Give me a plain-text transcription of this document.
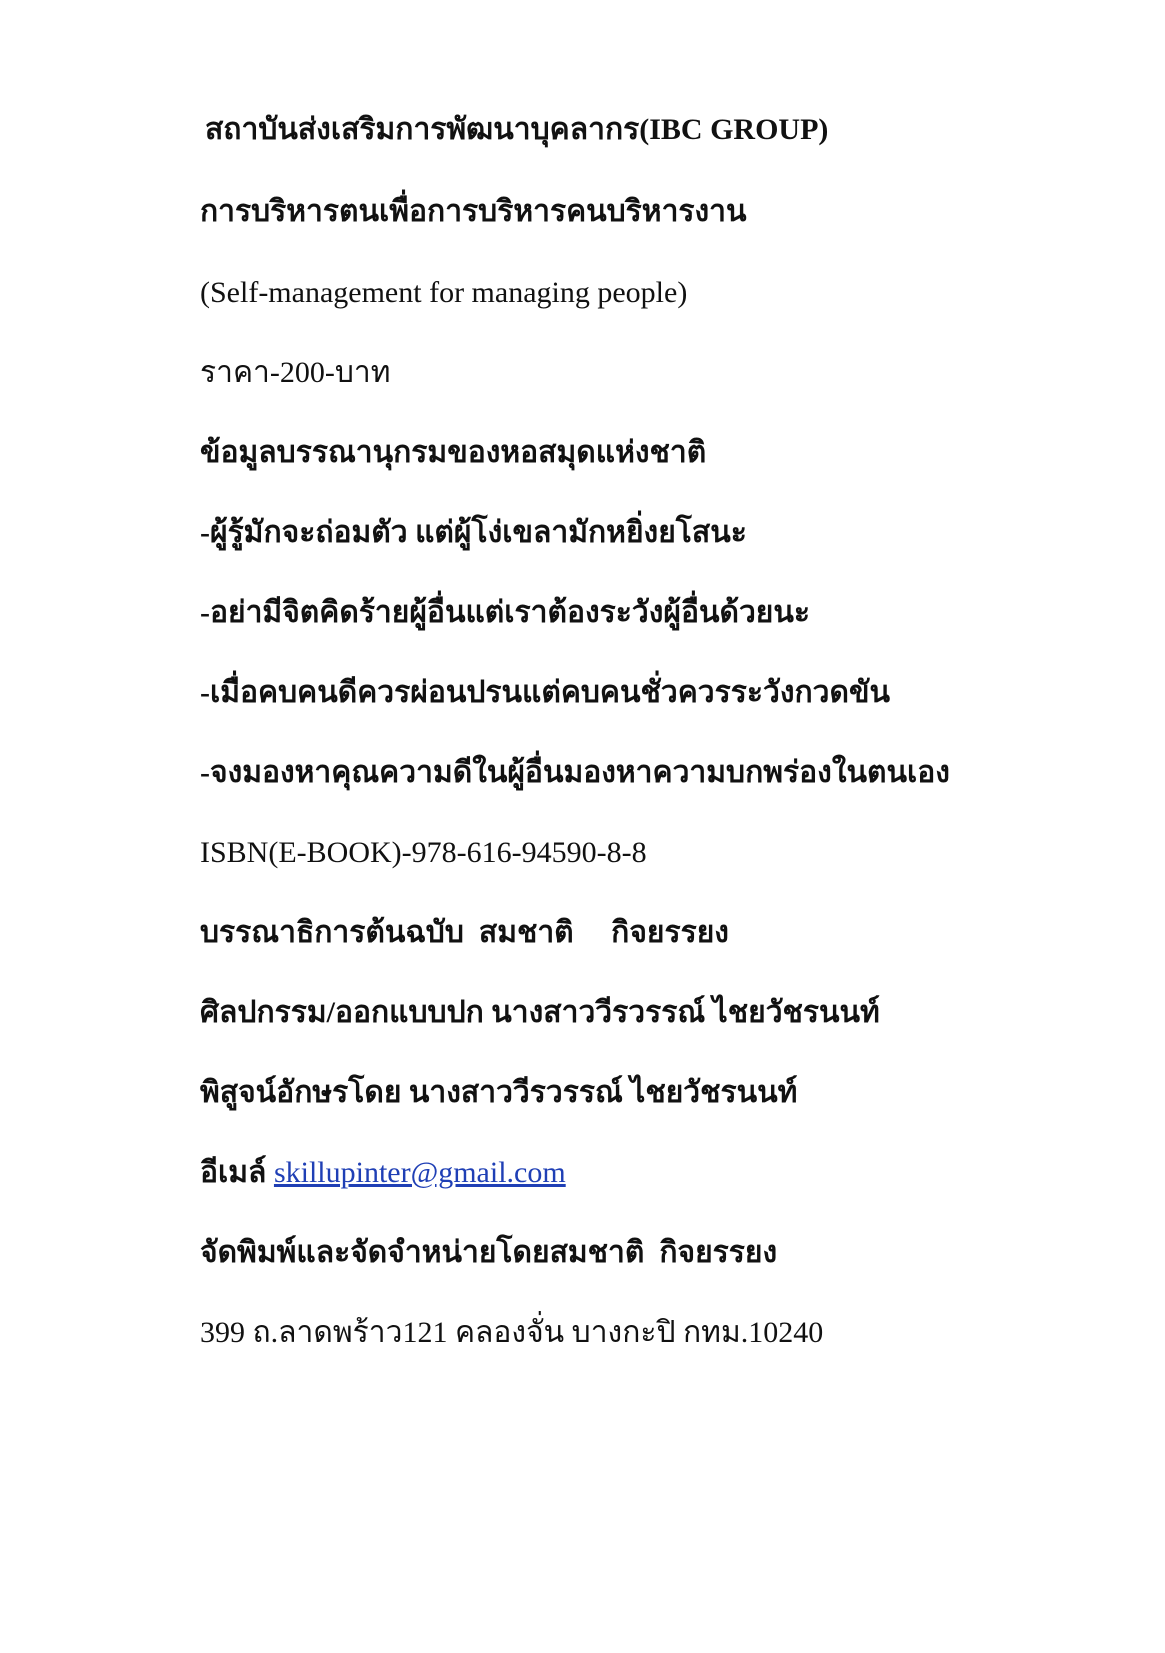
สถาบันส่งเสริมการพัฒนาบุคลากร(IBC GROUP)
การบริหารตนเพื่อการบริหารคนบริหารงาน
(Self-management for managing people)
ราคา-200-บาท
ข้อมูลบรรณานุกรมของหอสมุดแห่งชาติ
-ผู้รู้มักจะถ่อมตัว แต่ผู้โง่เขลามักหยิ่งยโสนะ
-อย่ามีจิตคิดร้ายผู้อื่นแต่เราต้องระวังผู้อื่นด้วยนะ
-เมื่อคบคนดีควรผ่อนปรนแต่คบคนชั่วควรระวังกวดขัน
-จงมองหาคุณความดีในผู้อื่นมองหาความบกพร่องในตนเอง
ISBN(E-BOOK)-978-616-94590-8-8
บรรณาธิการต้นฉบับ  สมชาติ     กิจยรรยง
ศิลปกรรม/ออกแบบปก นางสาววีรวรรณ์ ไชยวัชรนนท์
พิสูจน์อักษรโดย นางสาววีรวรรณ์ ไชยวัชรนนท์
อีเมล์ skillupinter@gmail.com
จัดพิมพ์และจัดจำหน่ายโดยสมชาติ  กิจยรรยง
399 ถ.ลาดพร้าว121 คลองจั่น บางกะปิ กทม.10240
